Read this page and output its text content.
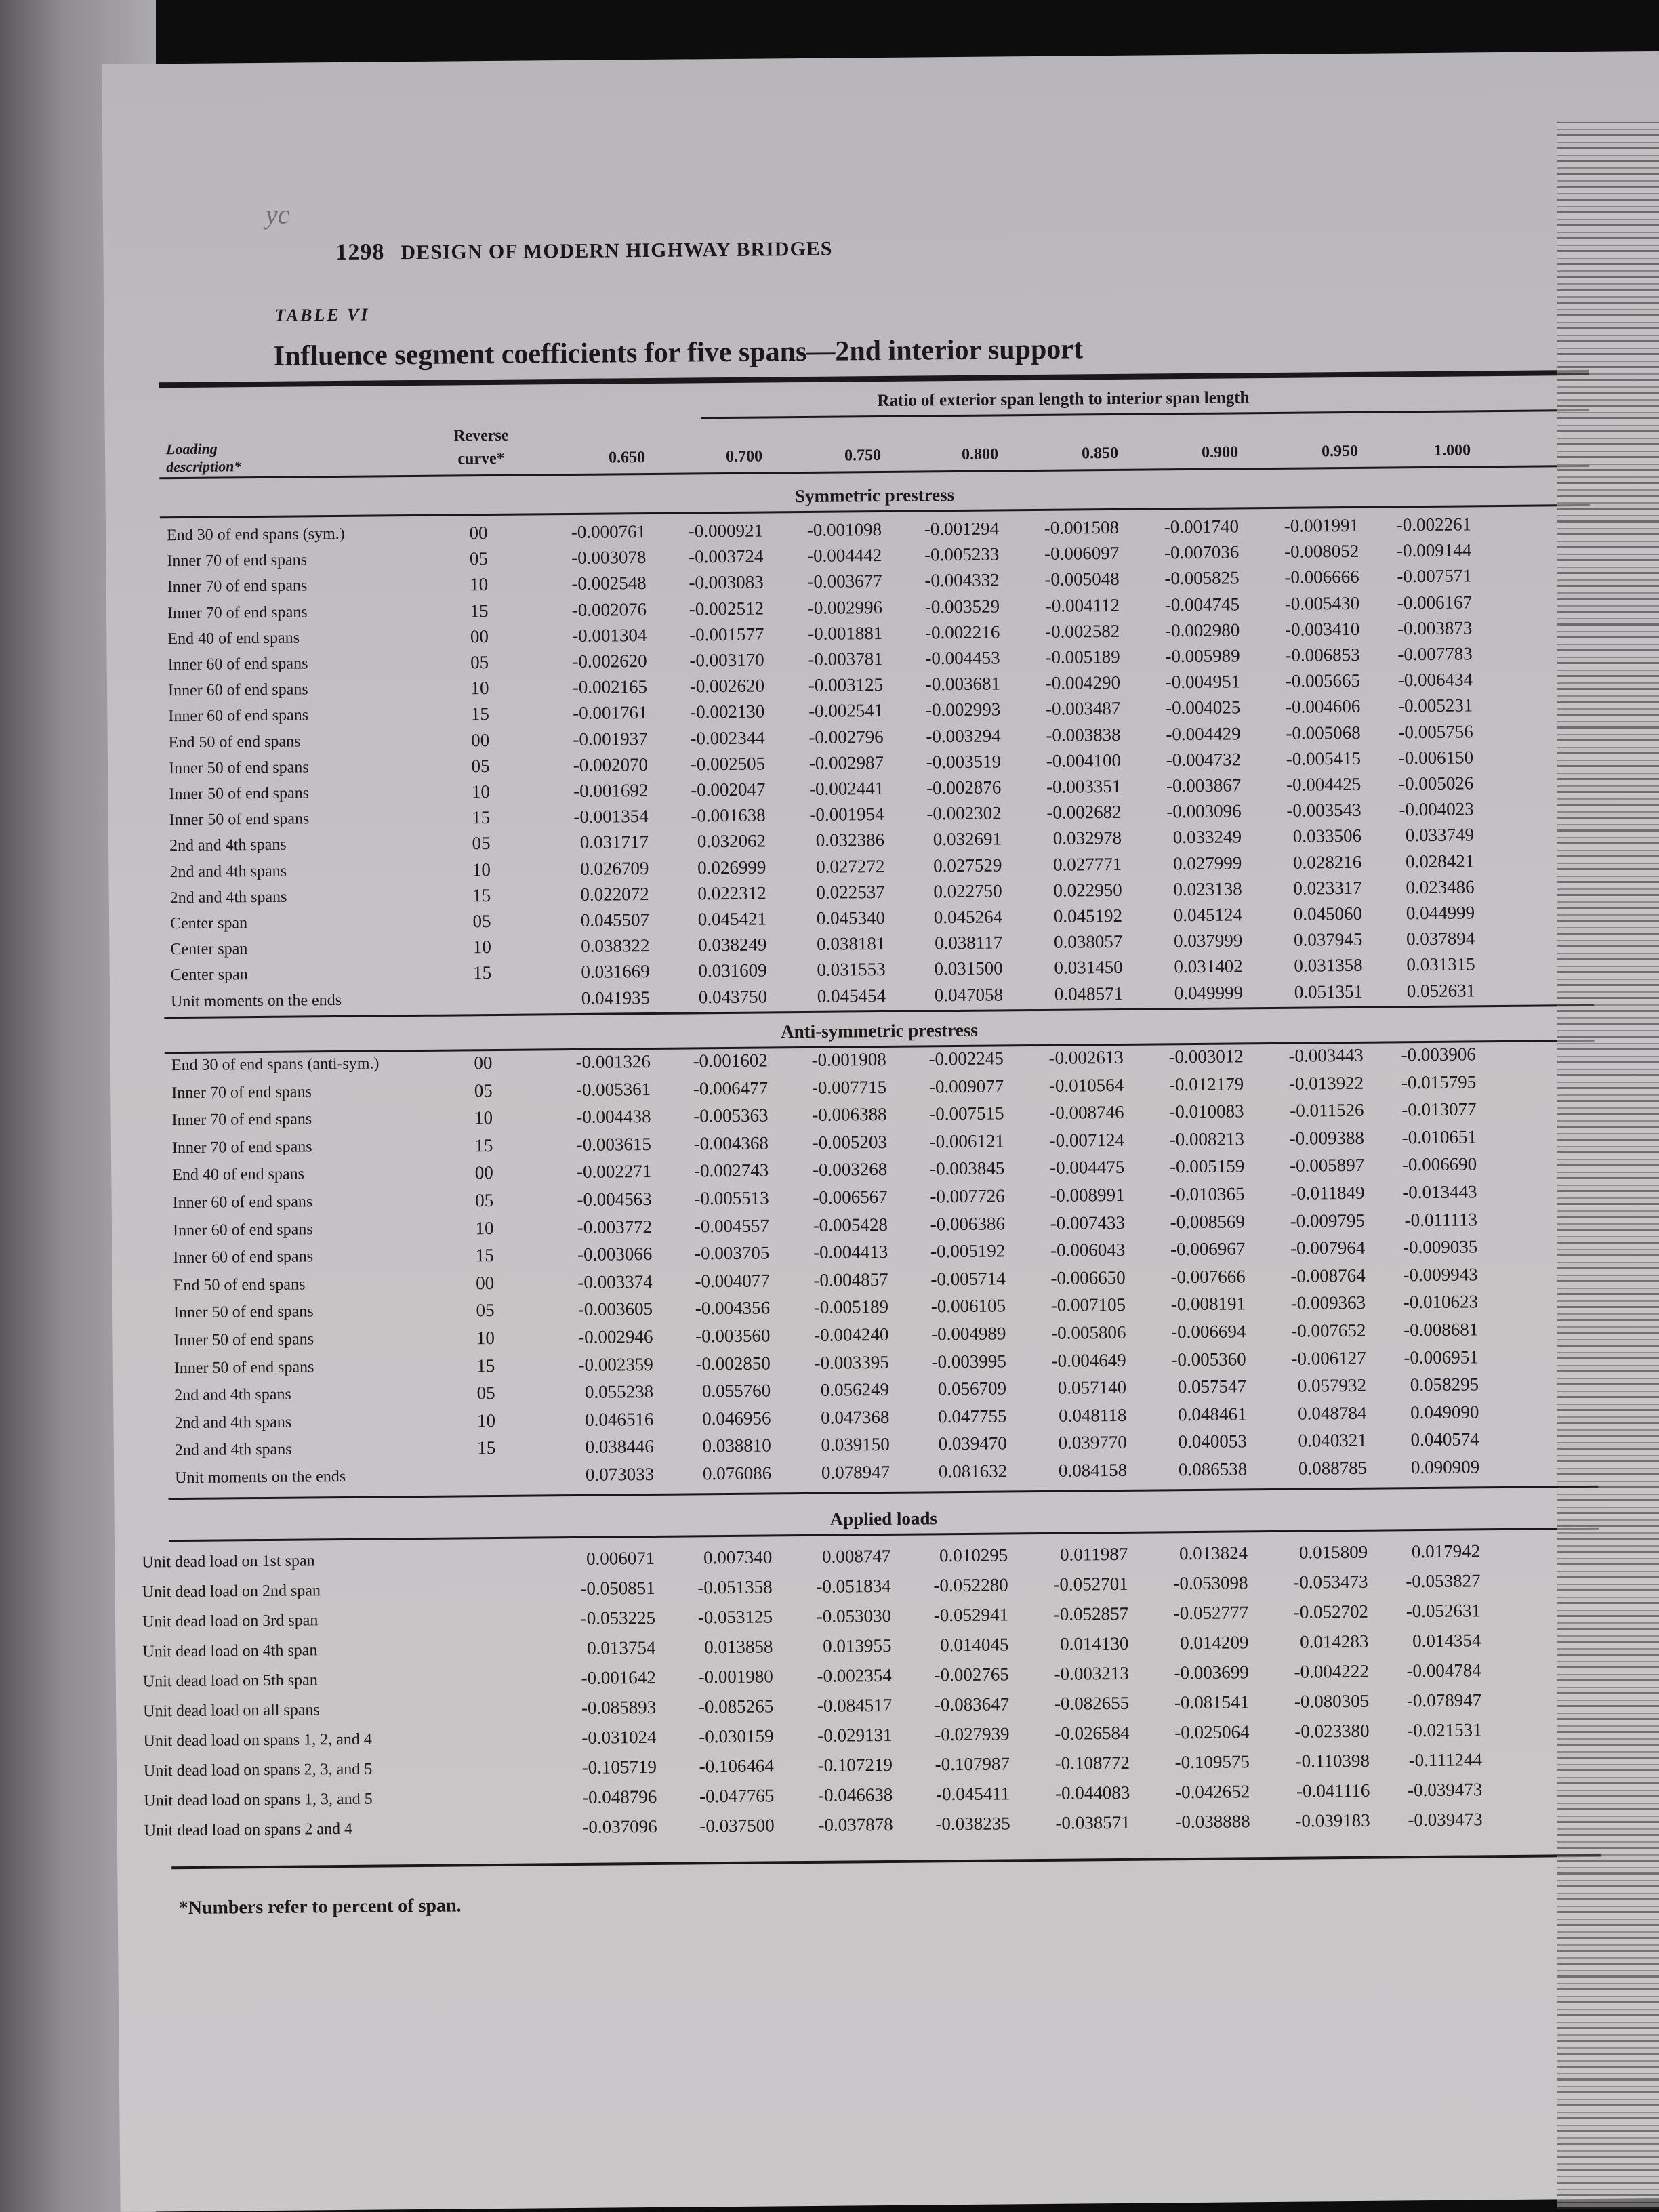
yc
1298 DESIGN OF MODERN HIGHWAY BRIDGES
TABLE VI
Influence segment coefficients for five spans—2nd interior support
Ratio of exterior span length to interior span length
Loading
description*
Reverse
curve*	0.650	0.700	0.750	0.800	0.850	0.900	0.950	1.000
Symmetric prestress
End 30 of end spans (sym.)	00	-0.000761	-0.000921	-0.001098	-0.001294	-0.001508	-0.001740	-0.001991	-0.002261
Inner 70 of end spans	05	-0.003078	-0.003724	-0.004442	-0.005233	-0.006097	-0.007036	-0.008052	-0.009144
Inner 70 of end spans	10	-0.002548	-0.003083	-0.003677	-0.004332	-0.005048	-0.005825	-0.006666	-0.007571
Inner 70 of end spans	15	-0.002076	-0.002512	-0.002996	-0.003529	-0.004112	-0.004745	-0.005430	-0.006167
End 40 of end spans	00	-0.001304	-0.001577	-0.001881	-0.002216	-0.002582	-0.002980	-0.003410	-0.003873
Inner 60 of end spans	05	-0.002620	-0.003170	-0.003781	-0.004453	-0.005189	-0.005989	-0.006853	-0.007783
Inner 60 of end spans	10	-0.002165	-0.002620	-0.003125	-0.003681	-0.004290	-0.004951	-0.005665	-0.006434
Inner 60 of end spans	15	-0.001761	-0.002130	-0.002541	-0.002993	-0.003487	-0.004025	-0.004606	-0.005231
End 50 of end spans	00	-0.001937	-0.002344	-0.002796	-0.003294	-0.003838	-0.004429	-0.005068	-0.005756
Inner 50 of end spans	05	-0.002070	-0.002505	-0.002987	-0.003519	-0.004100	-0.004732	-0.005415	-0.006150
Inner 50 of end spans	10	-0.001692	-0.002047	-0.002441	-0.002876	-0.003351	-0.003867	-0.004425	-0.005026
Inner 50 of end spans	15	-0.001354	-0.001638	-0.001954	-0.002302	-0.002682	-0.003096	-0.003543	-0.004023
2nd and 4th spans	05	0.031717	0.032062	0.032386	0.032691	0.032978	0.033249	0.033506	0.033749
2nd and 4th spans	10	0.026709	0.026999	0.027272	0.027529	0.027771	0.027999	0.028216	0.028421
2nd and 4th spans	15	0.022072	0.022312	0.022537	0.022750	0.022950	0.023138	0.023317	0.023486
Center span	05	0.045507	0.045421	0.045340	0.045264	0.045192	0.045124	0.045060	0.044999
Center span	10	0.038322	0.038249	0.038181	0.038117	0.038057	0.037999	0.037945	0.037894
Center span	15	0.031669	0.031609	0.031553	0.031500	0.031450	0.031402	0.031358	0.031315
Unit moments on the ends	0.041935	0.043750	0.045454	0.047058	0.048571	0.049999	0.051351	0.052631
Anti-symmetric prestress
End 30 of end spans (anti-sym.)	00	-0.001326	-0.001602	-0.001908	-0.002245	-0.002613	-0.003012	-0.003443	-0.003906
Inner 70 of end spans	05	-0.005361	-0.006477	-0.007715	-0.009077	-0.010564	-0.012179	-0.013922	-0.015795
Inner 70 of end spans	10	-0.004438	-0.005363	-0.006388	-0.007515	-0.008746	-0.010083	-0.011526	-0.013077
Inner 70 of end spans	15	-0.003615	-0.004368	-0.005203	-0.006121	-0.007124	-0.008213	-0.009388	-0.010651
End 40 of end spans	00	-0.002271	-0.002743	-0.003268	-0.003845	-0.004475	-0.005159	-0.005897	-0.006690
Inner 60 of end spans	05	-0.004563	-0.005513	-0.006567	-0.007726	-0.008991	-0.010365	-0.011849	-0.013443
Inner 60 of end spans	10	-0.003772	-0.004557	-0.005428	-0.006386	-0.007433	-0.008569	-0.009795	-0.011113
Inner 60 of end spans	15	-0.003066	-0.003705	-0.004413	-0.005192	-0.006043	-0.006967	-0.007964	-0.009035
End 50 of end spans	00	-0.003374	-0.004077	-0.004857	-0.005714	-0.006650	-0.007666	-0.008764	-0.009943
Inner 50 of end spans	05	-0.003605	-0.004356	-0.005189	-0.006105	-0.007105	-0.008191	-0.009363	-0.010623
Inner 50 of end spans	10	-0.002946	-0.003560	-0.004240	-0.004989	-0.005806	-0.006694	-0.007652	-0.008681
Inner 50 of end spans	15	-0.002359	-0.002850	-0.003395	-0.003995	-0.004649	-0.005360	-0.006127	-0.006951
2nd and 4th spans	05	0.055238	0.055760	0.056249	0.056709	0.057140	0.057547	0.057932	0.058295
2nd and 4th spans	10	0.046516	0.046956	0.047368	0.047755	0.048118	0.048461	0.048784	0.049090
2nd and 4th spans	15	0.038446	0.038810	0.039150	0.039470	0.039770	0.040053	0.040321	0.040574
Unit moments on the ends	0.073033	0.076086	0.078947	0.081632	0.084158	0.086538	0.088785	0.090909
Applied loads
Unit dead load on 1st span	0.006071	0.007340	0.008747	0.010295	0.011987	0.013824	0.015809	0.017942
Unit dead load on 2nd span	-0.050851	-0.051358	-0.051834	-0.052280	-0.052701	-0.053098	-0.053473	-0.053827
Unit dead load on 3rd span	-0.053225	-0.053125	-0.053030	-0.052941	-0.052857	-0.052777	-0.052702	-0.052631
Unit dead load on 4th span	0.013754	0.013858	0.013955	0.014045	0.014130	0.014209	0.014283	0.014354
Unit dead load on 5th span	-0.001642	-0.001980	-0.002354	-0.002765	-0.003213	-0.003699	-0.004222	-0.004784
Unit dead load on all spans	-0.085893	-0.085265	-0.084517	-0.083647	-0.082655	-0.081541	-0.080305	-0.078947
Unit dead load on spans 1, 2, and 4	-0.031024	-0.030159	-0.029131	-0.027939	-0.026584	-0.025064	-0.023380	-0.021531
Unit dead load on spans 2, 3, and 5	-0.105719	-0.106464	-0.107219	-0.107987	-0.108772	-0.109575	-0.110398	-0.111244
Unit dead load on spans 1, 3, and 5	-0.048796	-0.047765	-0.046638	-0.045411	-0.044083	-0.042652	-0.041116	-0.039473
Unit dead load on spans 2 and 4	-0.037096	-0.037500	-0.037878	-0.038235	-0.038571	-0.038888	-0.039183	-0.039473
*Numbers refer to percent of span.
